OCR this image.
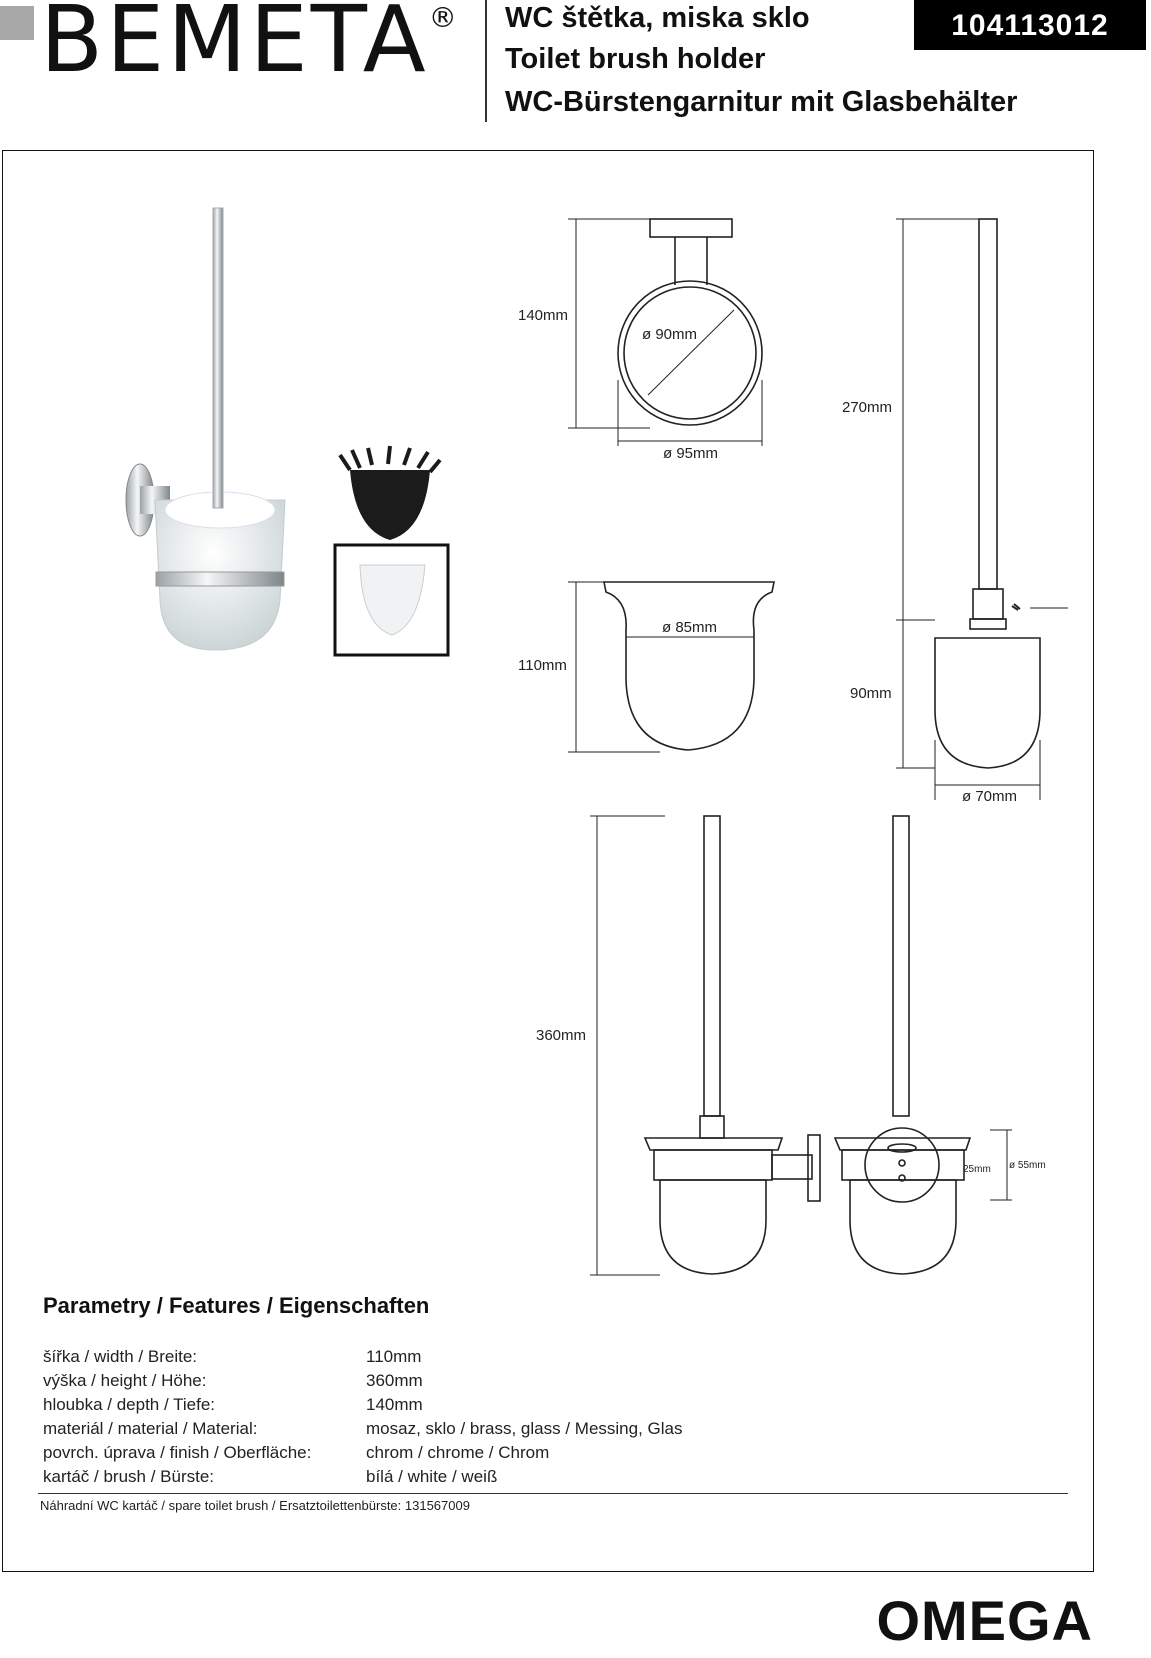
BEMETA® WC štětka, miska sklo
Toilet brush holder
WC-Bürstengarnitur mit Glasbehälter
104113012
140mm
ø 90mm
ø 95mm
110mm
ø 85mm
270mm
90mm
ø 70mm
360mm
25mm ø 55mm
Parametry / Features / Eigenschaften
šířka / width / Breite:	110mm
výška / height / Höhe:	360mm
hloubka / depth / Tiefe:	140mm
materiál / material / Material:	mosaz, sklo / brass, glass / Messing, Glas
povrch. úprava / finish / Oberfläche:	chrom / chrome / Chrom
kartáč / brush / Bürste:	bílá / white / weiß
Náhradní WC kartáč / spare toilet brush / Ersatztoilettenbürste: 131567009
OMEGA
